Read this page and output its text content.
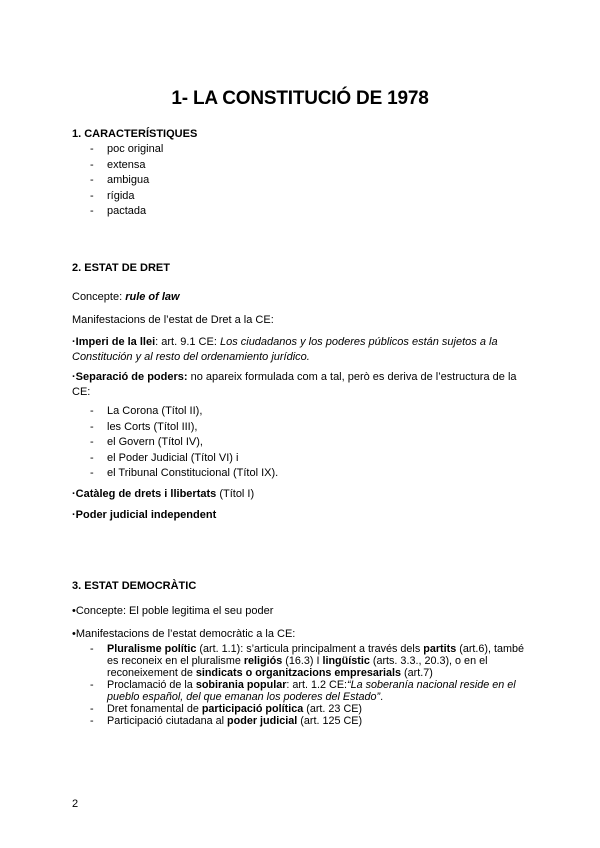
1- LA CONSTITUCIÓ DE 1978
1. CARACTERÍSTIQUES
- poc original
- extensa
- ambigua
- rígida
- pactada
2. ESTAT DE DRET
Concepte: rule of law
Manifestacions de l’estat de Dret a la CE:
·Imperi de la llei: art. 9.1 CE: Los ciudadanos y los poderes públicos están sujetos a la
Constitución y al resto del ordenamiento jurídico.
·Separació de poders: no apareix formulada com a tal, però es deriva de l’estructura de la
CE:
- La Corona (Títol II),
- les Corts (Títol III),
- el Govern (Títol IV),
- el Poder Judicial (Títol VI) i
- el Tribunal Constitucional (Títol IX).
·Catàleg de drets i llibertats (Títol I)
·Poder judicial independent
3. ESTAT DEMOCRÀTIC
•Concepte: El poble legitima el seu poder
•Manifestacions de l’estat democràtic a la CE:
- Pluralisme polític (art. 1.1): s’articula principalment a través dels partits (art.6), també es reconeix en el pluralisme religiós (16.3) I lingüístic (arts. 3.3., 20.3), o en el reconeixement de sindicats o organitzacions empresarials (art.7)
- Proclamació de la sobirania popular: art. 1.2 CE:“La soberanía nacional reside en el pueblo español, del que emanan los poderes del Estado”.
- Dret fonamental de participació política (art. 23 CE)
- Participació ciutadana al poder judicial (art. 125 CE)
2
